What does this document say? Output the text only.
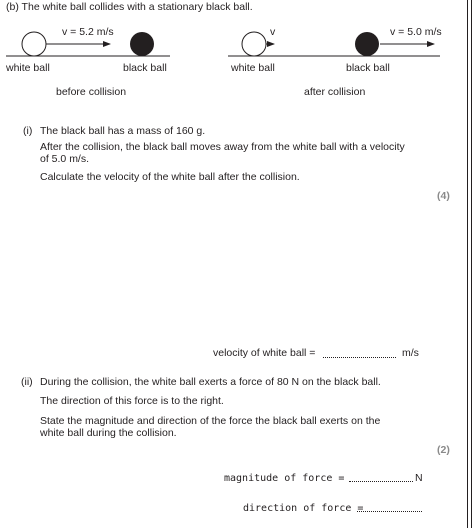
(b) The white ball collides with a stationary black ball.
v = 5.2 m/s
white ball	black ball
before collision
v	v = 5.0 m/s
white ball	black ball
after collision
(i) The black ball has a mass of 160 g.
After the collision, the black ball moves away from the white ball with a velocity
of 5.0 m/s.
Calculate the velocity of the white ball after the collision.
(4)
velocity of white ball =	m/s
(ii) During the collision, the white ball exerts a force of 80 N on the black ball.
The direction of this force is to the right.
State the magnitude and direction of the force the black ball exerts on the
white ball during the collision.
(2)
magnitude of force =	N
direction of force =
